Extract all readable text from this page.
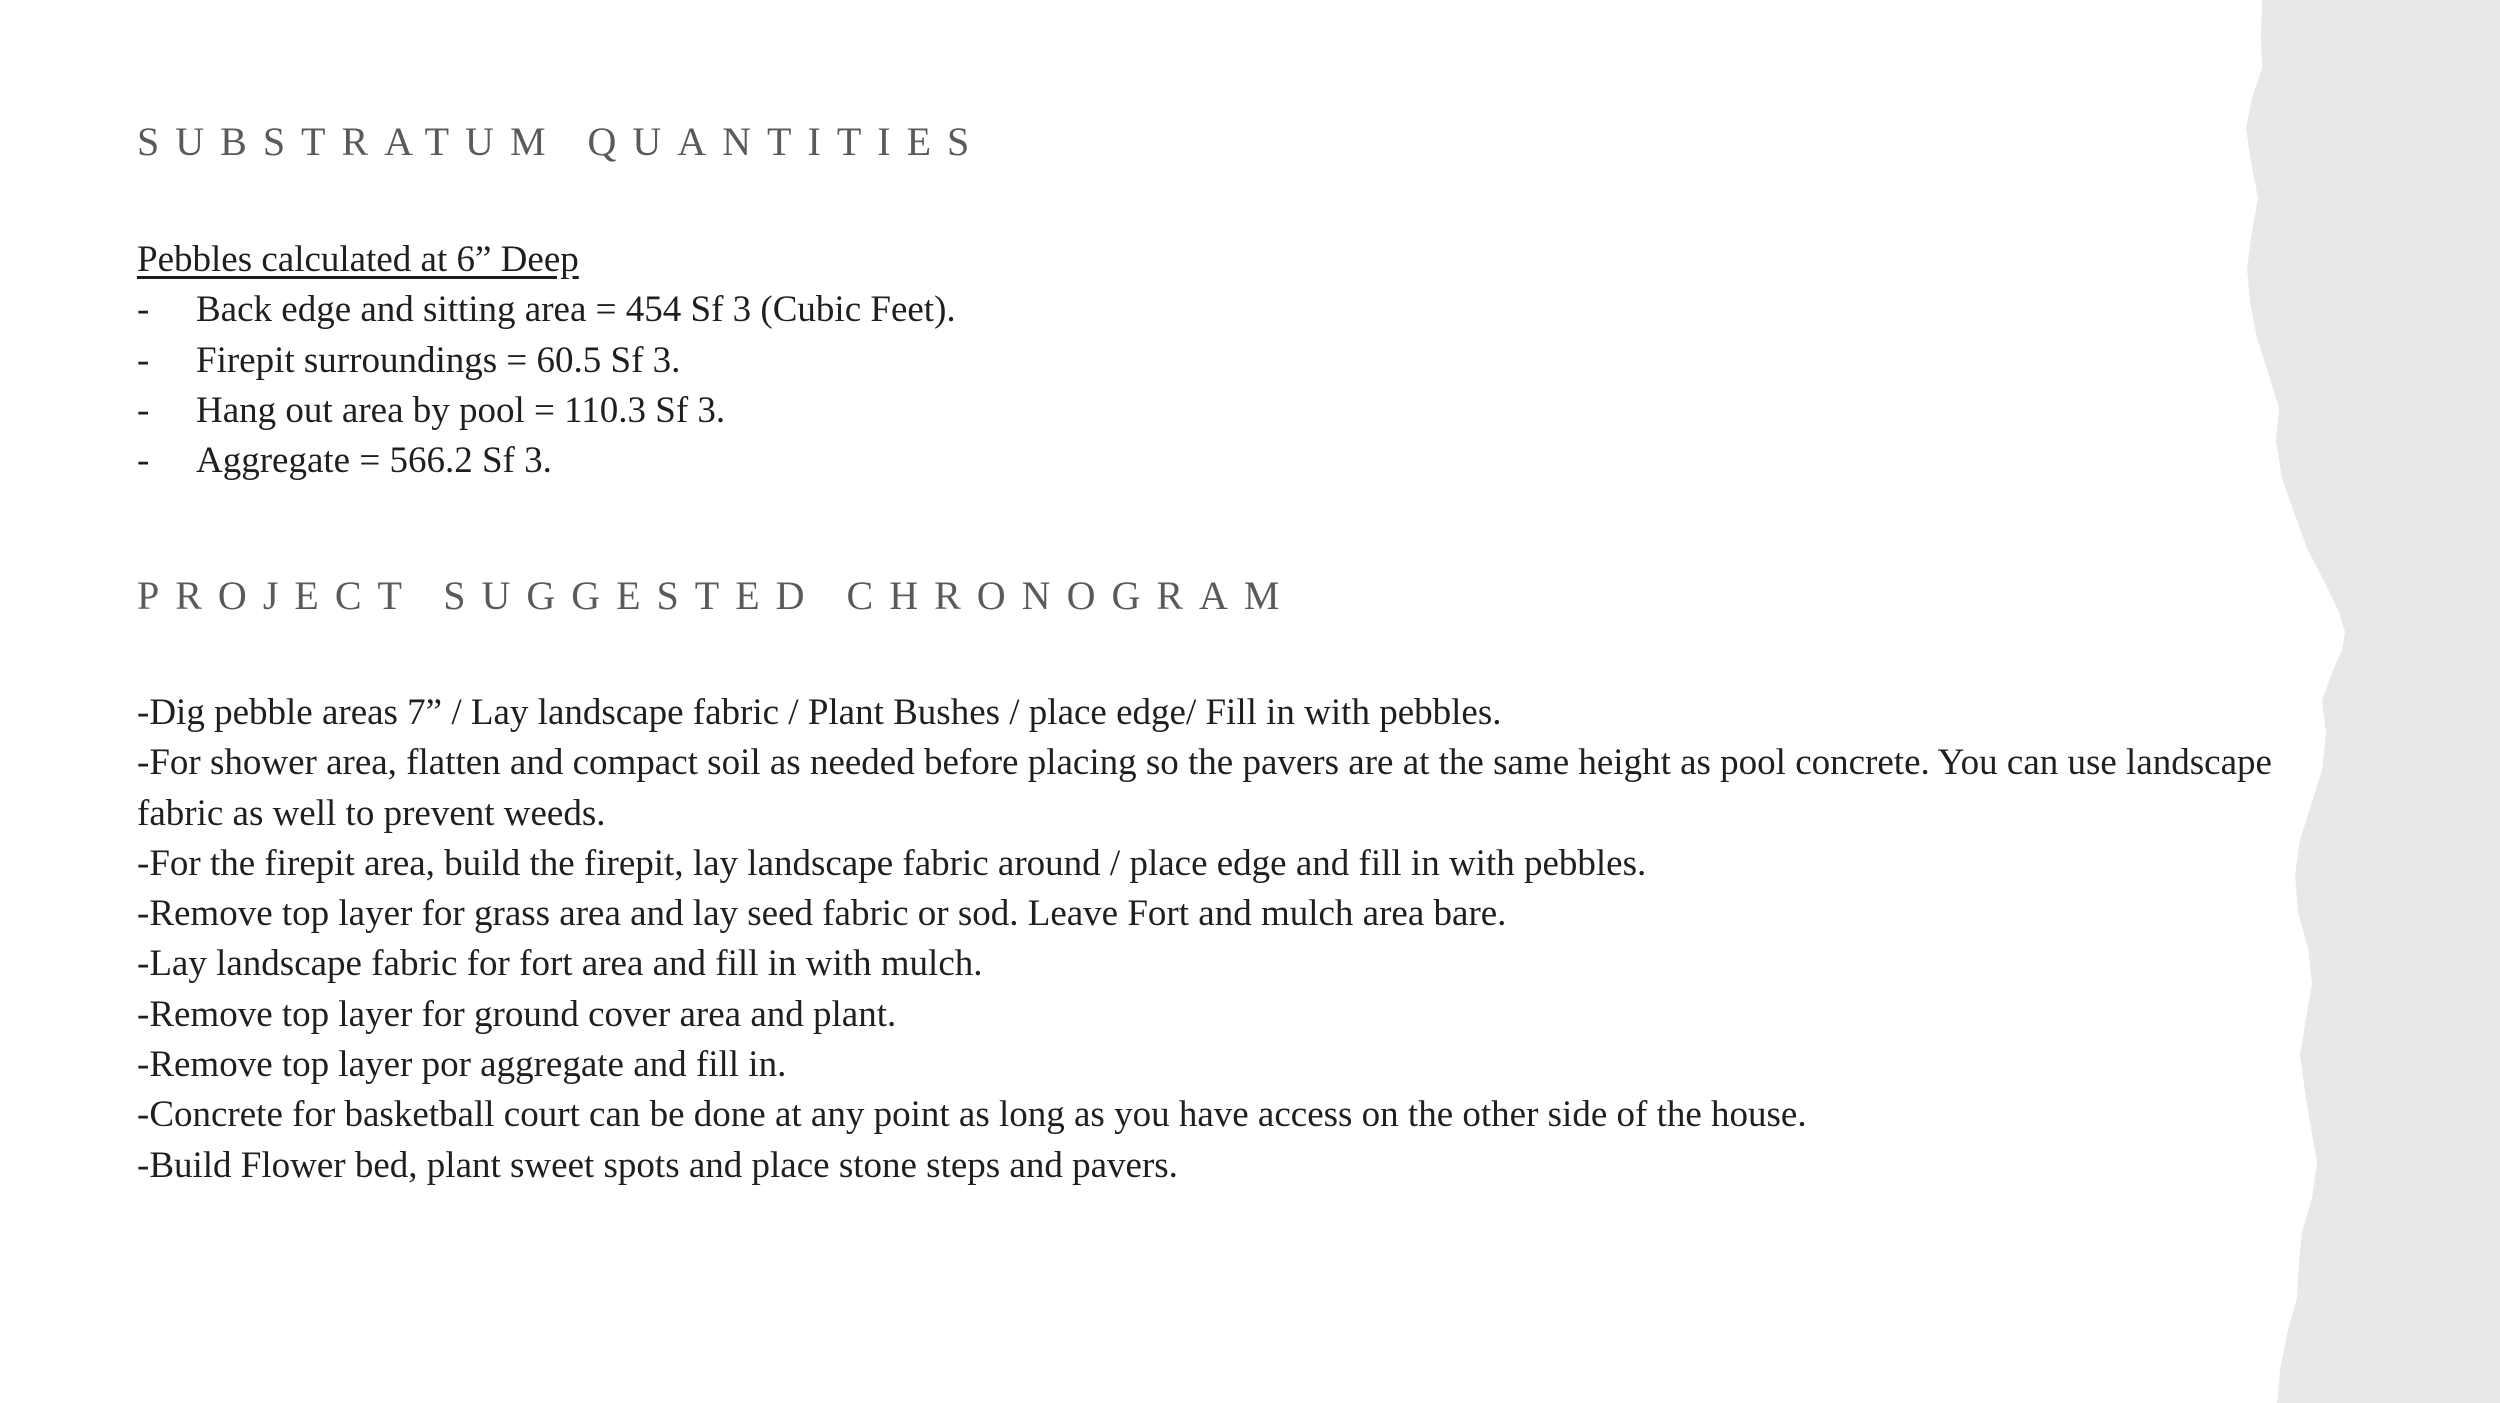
SUBSTRATUM QUANTITIES
Pebbles calculated at 6” Deep
-	Back edge and sitting area = 454 Sf 3 (Cubic Feet).
-	Firepit surroundings = 60.5 Sf 3.
-	Hang out area by pool = 110.3 Sf 3.
-	Aggregate = 566.2 Sf 3.
PROJECT SUGGESTED CHRONOGRAM

-Dig pebble areas 7” / Lay landscape fabric / Plant Bushes / place edge/ Fill in with pebbles.

-For shower area, flatten and compact soil as needed before placing so the pavers are at the same height as pool concrete. You can use landscape fabric as well to prevent weeds.

-For the firepit area, build the firepit, lay landscape fabric around / place edge and fill in with pebbles.

-Remove top layer for grass area and lay seed fabric or sod. Leave Fort and mulch area bare.

-Lay landscape fabric for fort area and fill in with mulch.

-Remove top layer for ground cover area and plant.

-Remove top layer por aggregate and fill in.

-Concrete for basketball court can be done at any point as long as you have access on the other side of the house.

-Build Flower bed, plant sweet spots and place stone steps and pavers.
